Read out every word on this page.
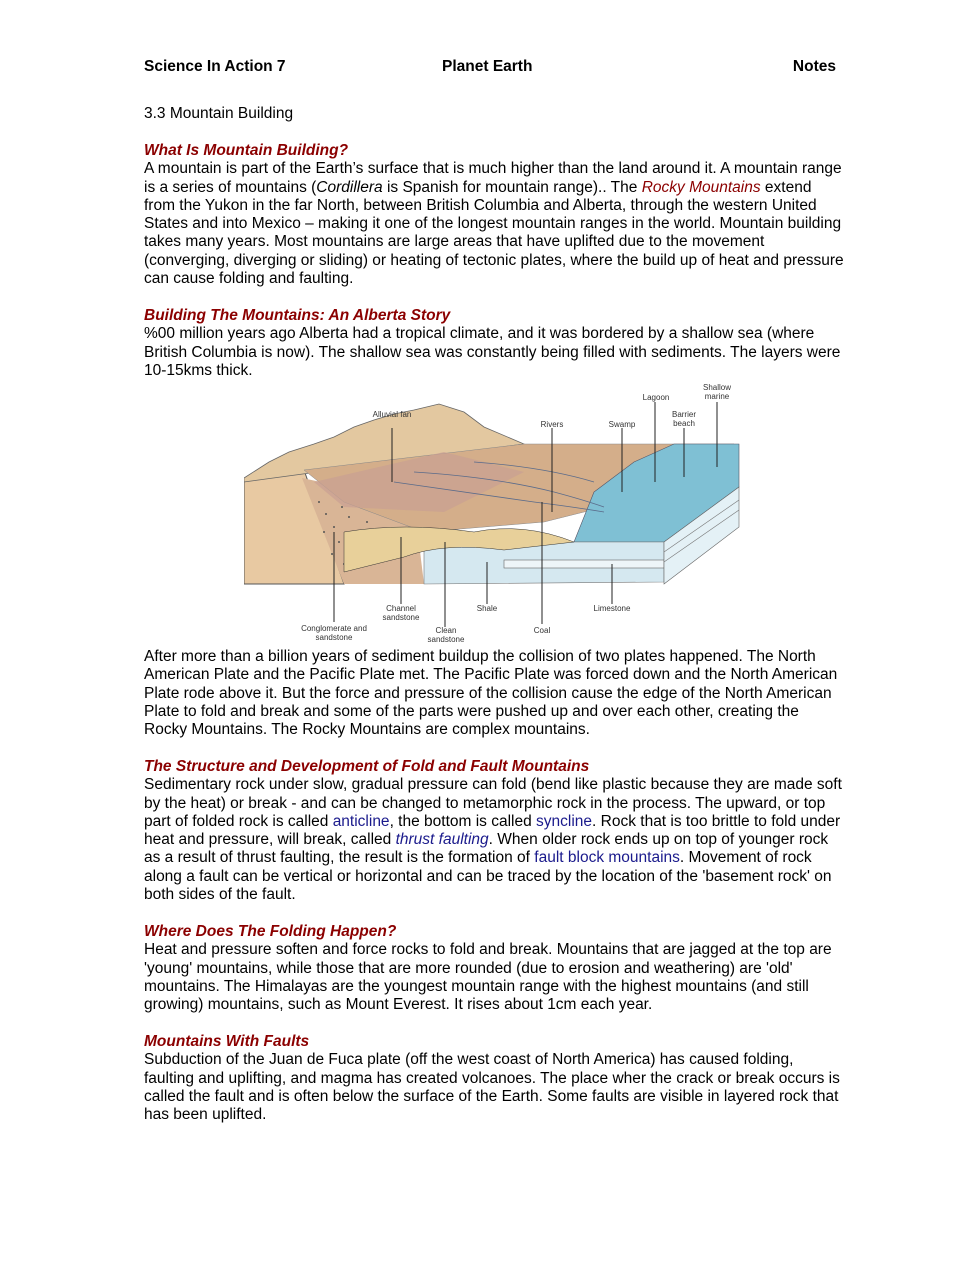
Science In Action 7	Planet Earth	Notes
3.3 Mountain Building
What Is Mountain Building?

A mountain is part of the Earth’s surface that is much higher than the land around it. A mountain range is a series of mountains (Cordillera is Spanish for mountain range).. The Rocky Mountains extend from the Yukon in the far North, between British Columbia and Alberta, through the western United States and into Mexico – making it one of the longest mountain ranges in the world. Mountain building takes many years. Most mountains are large areas that have uplifted due to the movement (converging, diverging or sliding) or heating of tectonic plates, where the build up of heat and pressure can cause folding and faulting.

Building The Mountains: An Alberta Story

%00 million years ago Alberta had a tropical climate, and it was bordered by a shallow sea (where British Columbia is now). The shallow sea was constantly being filled with sediments. The layers were 10-15kms thick.

Alluvial fan
Rivers	Swamp
Lagoon
Barrier beach
Shallow marine
Channel sandstone
Shale	Limestone
Conglomerate and sandstone
Clean sandstone
Coal

After more than a billion years of sediment buildup the collision of two plates happened. The North American Plate and the Pacific Plate met. The Pacific Plate was forced down and the North American Plate rode above it. But the force and pressure of the collision cause the edge of the North American Plate to fold and break and some of the parts were pushed up and over each other, creating the Rocky Mountains. The Rocky Mountains are complex mountains.

The Structure and Development of Fold and Fault Mountains

Sedimentary rock under slow, gradual pressure can fold (bend like plastic because they are made soft by the heat) or break - and can be changed to metamorphic rock in the process. The upward, or top part of folded rock is called anticline, the bottom is called syncline. Rock that is too brittle to fold under heat and pressure, will break, called thrust faulting. When older rock ends up on top of younger rock as a result of thrust faulting, the result is the formation of fault block mountains. Movement of rock along a fault can be vertical or horizontal and can be traced by the location of the 'basement rock' on both sides of the fault.

Where Does The Folding Happen?

Heat and pressure soften and force rocks to fold and break. Mountains that are jagged at the top are 'young' mountains, while those that are more rounded (due to erosion and weathering) are 'old' mountains. The Himalayas are the youngest mountain range with the highest mountains (and still growing) mountains, such as Mount Everest. It rises about 1cm each year.

Mountains With Faults

Subduction of the Juan de Fuca plate (off the west coast of North America) has caused folding, faulting and uplifting, and magma has created volcanoes. The place wher the crack or break occurs is called the fault and is often below the surface of the Earth. Some faults are visible in layered rock that has been uplifted.
